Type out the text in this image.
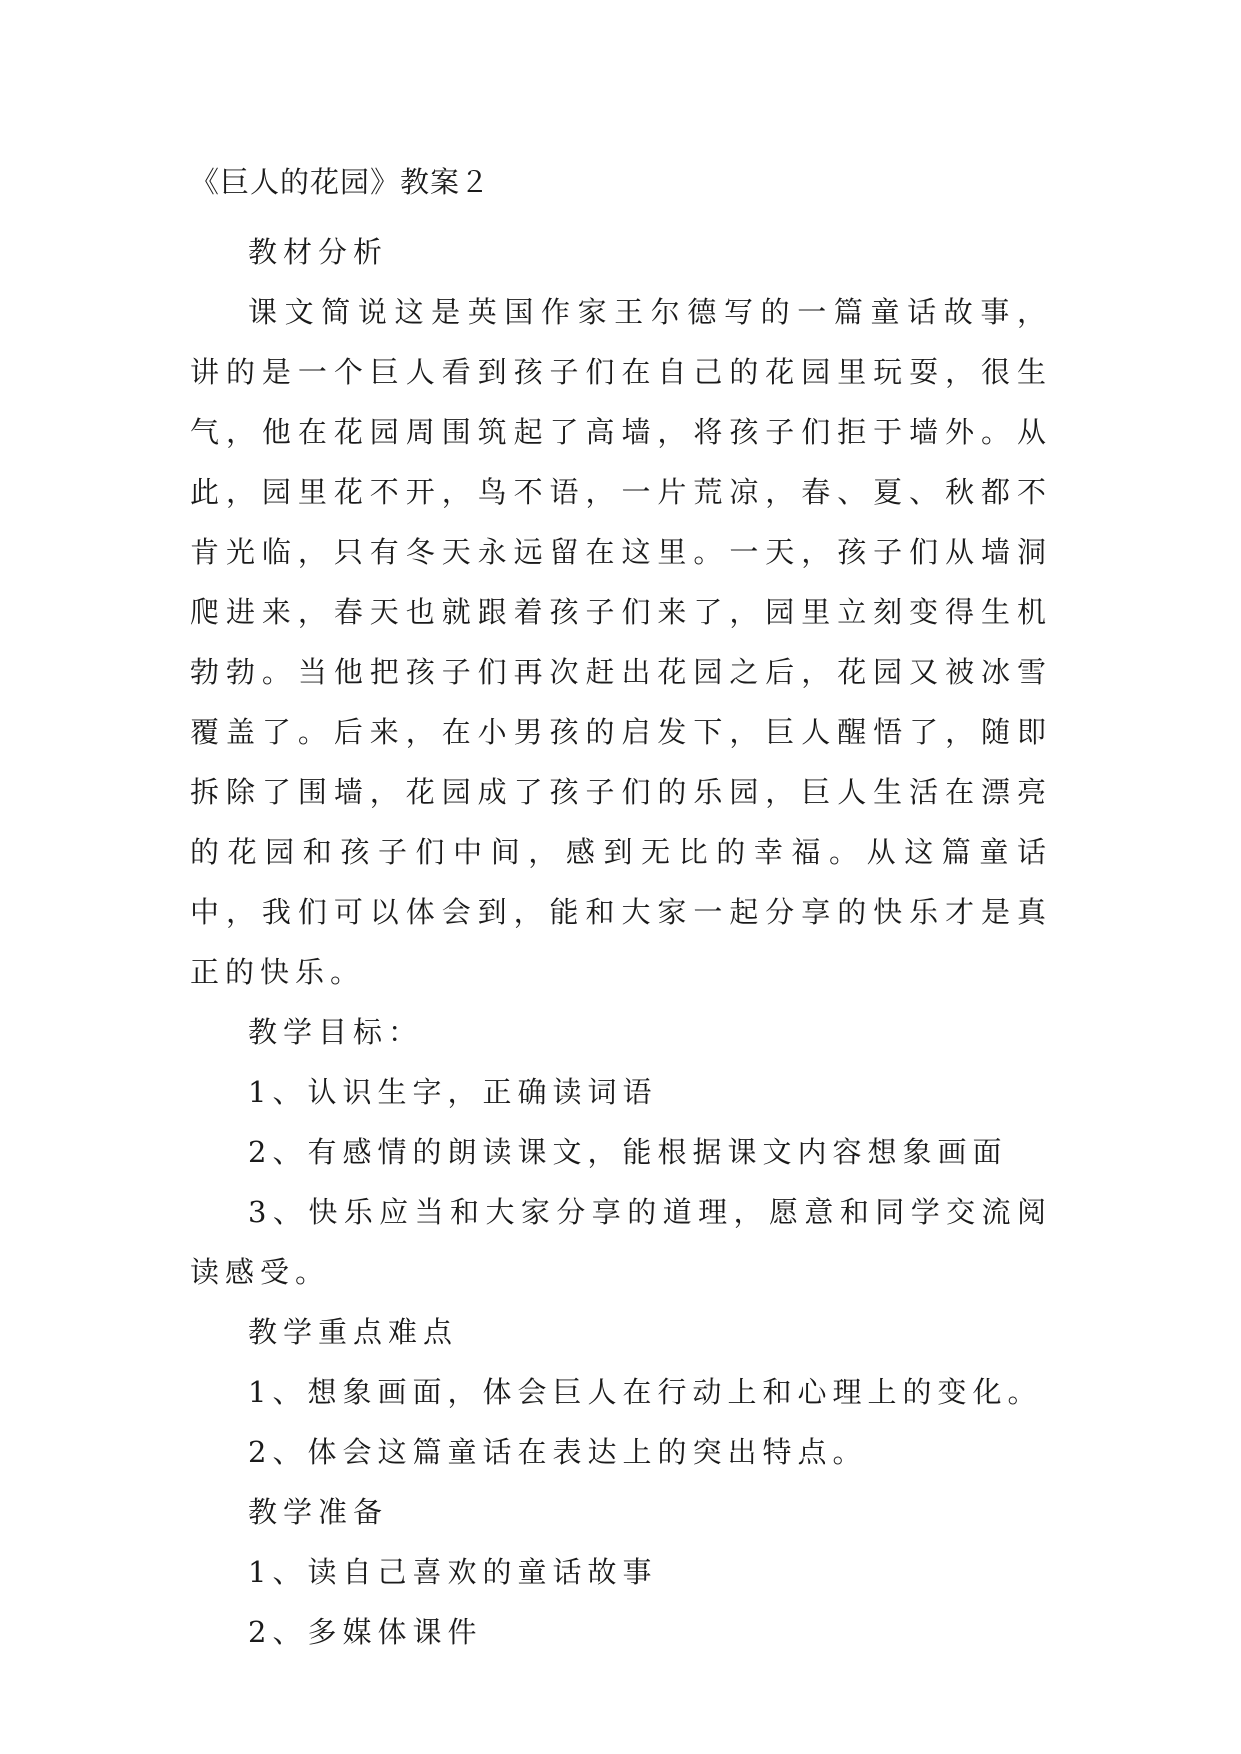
《巨人的花园》教案２

教材分析

课文简说这是英国作家王尔德写的一篇童话故事，讲的是一个巨人看到孩子们在自己的花园里玩耍，很生气，他在花园周围筑起了高墙，将孩子们拒于墙外。从此，园里花不开，鸟不语，一片荒凉，春、夏、秋都不肯光临，只有冬天永远留在这里。一天，孩子们从墙洞爬进来，春天也就跟着孩子们来了，园里立刻变得生机勃勃。当他把孩子们再次赶出花园之后，花园又被冰雪覆盖了。后来，在小男孩的启发下，巨人醒悟了，随即拆除了围墙，花园成了孩子们的乐园，巨人生活在漂亮的花园和孩子们中间，感到无比的幸福。从这篇童话中，我们可以体会到，能和大家一起分享的快乐才是真正的快乐。

教学目标：

1、认识生字，正确读词语

2、有感情的朗读课文，能根据课文内容想象画面

3、快乐应当和大家分享的道理，愿意和同学交流阅读感受。

教学重点难点

1、想象画面，体会巨人在行动上和心理上的变化。

2、体会这篇童话在表达上的突出特点。

教学准备

1、读自己喜欢的童话故事

2、多媒体课件
